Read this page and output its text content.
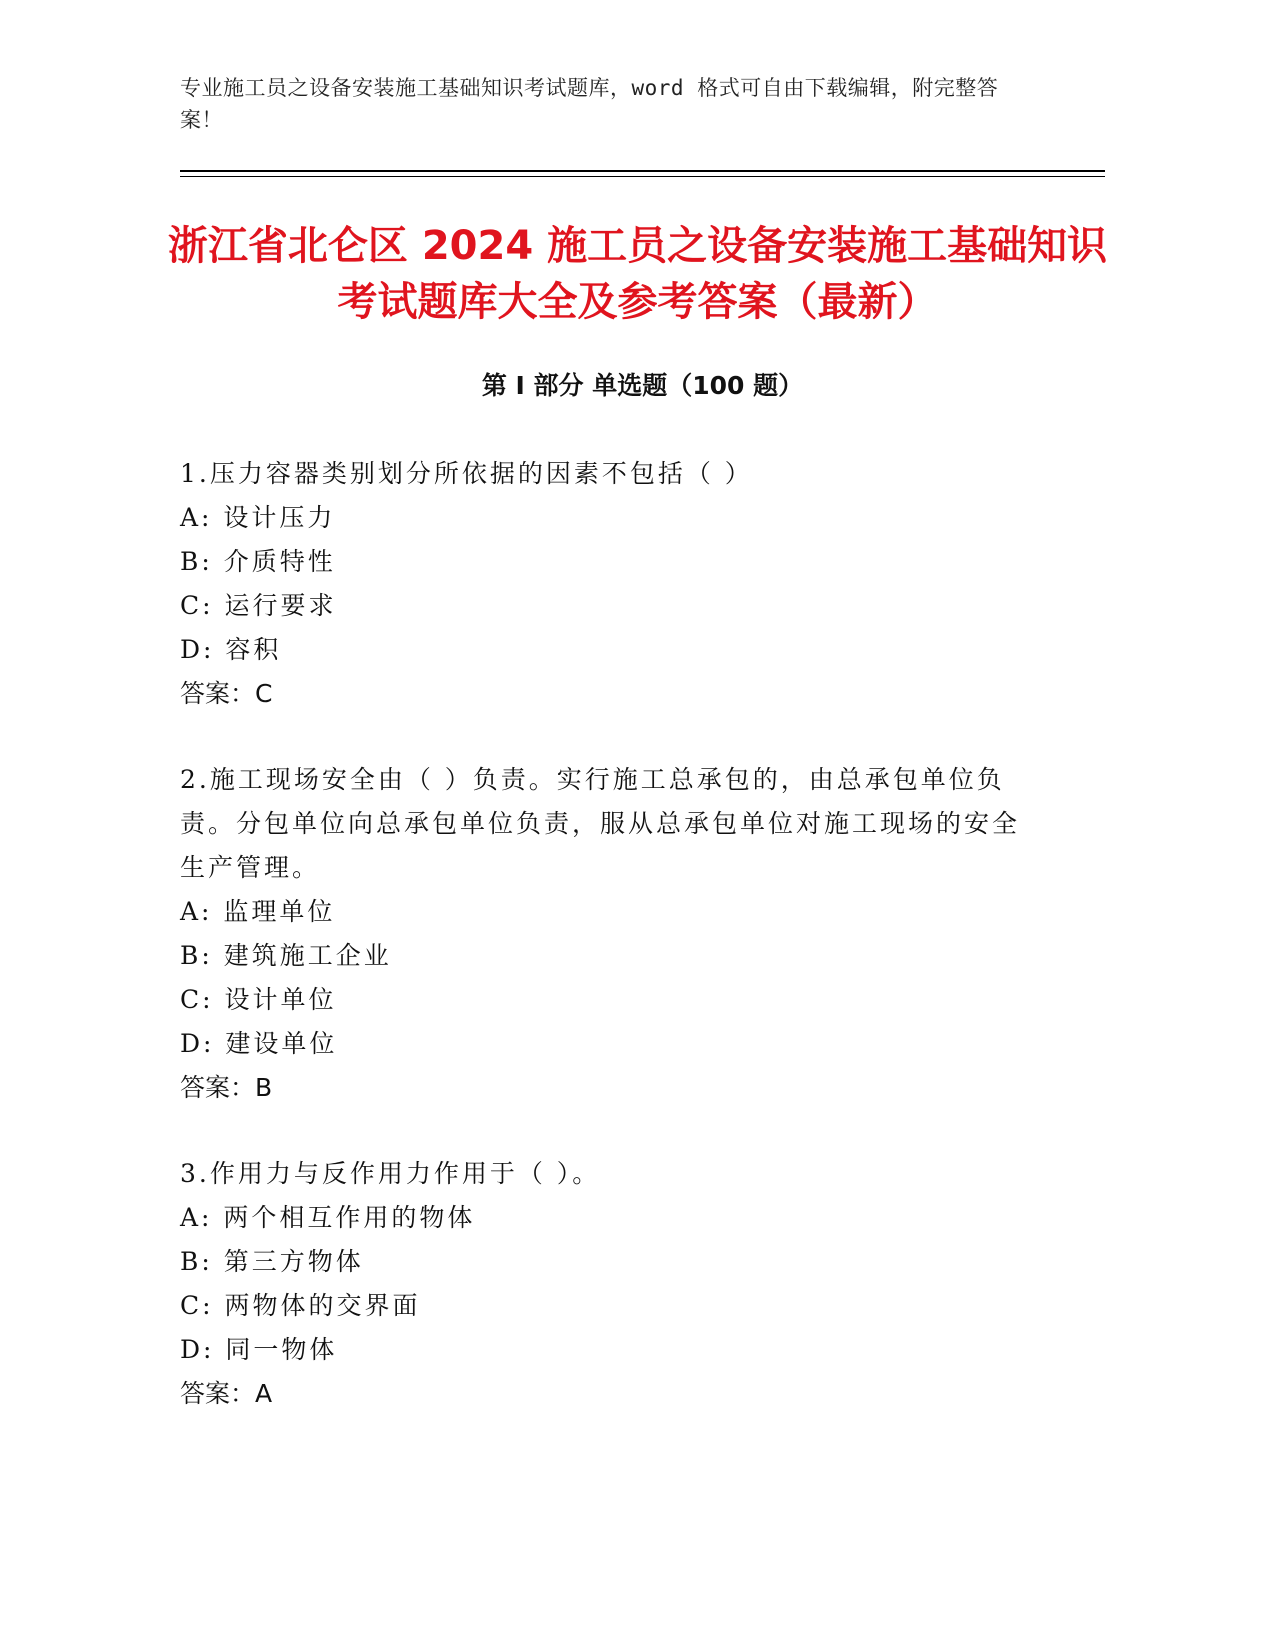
专业施工员之设备安装施工基础知识考试题库，word 格式可自由下载编辑，附完整答案！
浙江省北仑区 2024 施工员之设备安装施工基础知识考试题库大全及参考答案（最新）
第 I 部分 单选题（100 题）
1.压力容器类别划分所依据的因素不包括（ ）
A: 设计压力
B: 介质特性
C: 运行要求
D: 容积
答案：C
2.施工现场安全由（ ）负责。实行施工总承包的，由总承包单位负责。分包单位向总承包单位负责，服从总承包单位对施工现场的安全生产管理。
A: 监理单位
B: 建筑施工企业
C: 设计单位
D: 建设单位
答案：B
3.作用力与反作用力作用于（ ）。
A: 两个相互作用的物体
B: 第三方物体
C: 两物体的交界面
D: 同一物体
答案：A
